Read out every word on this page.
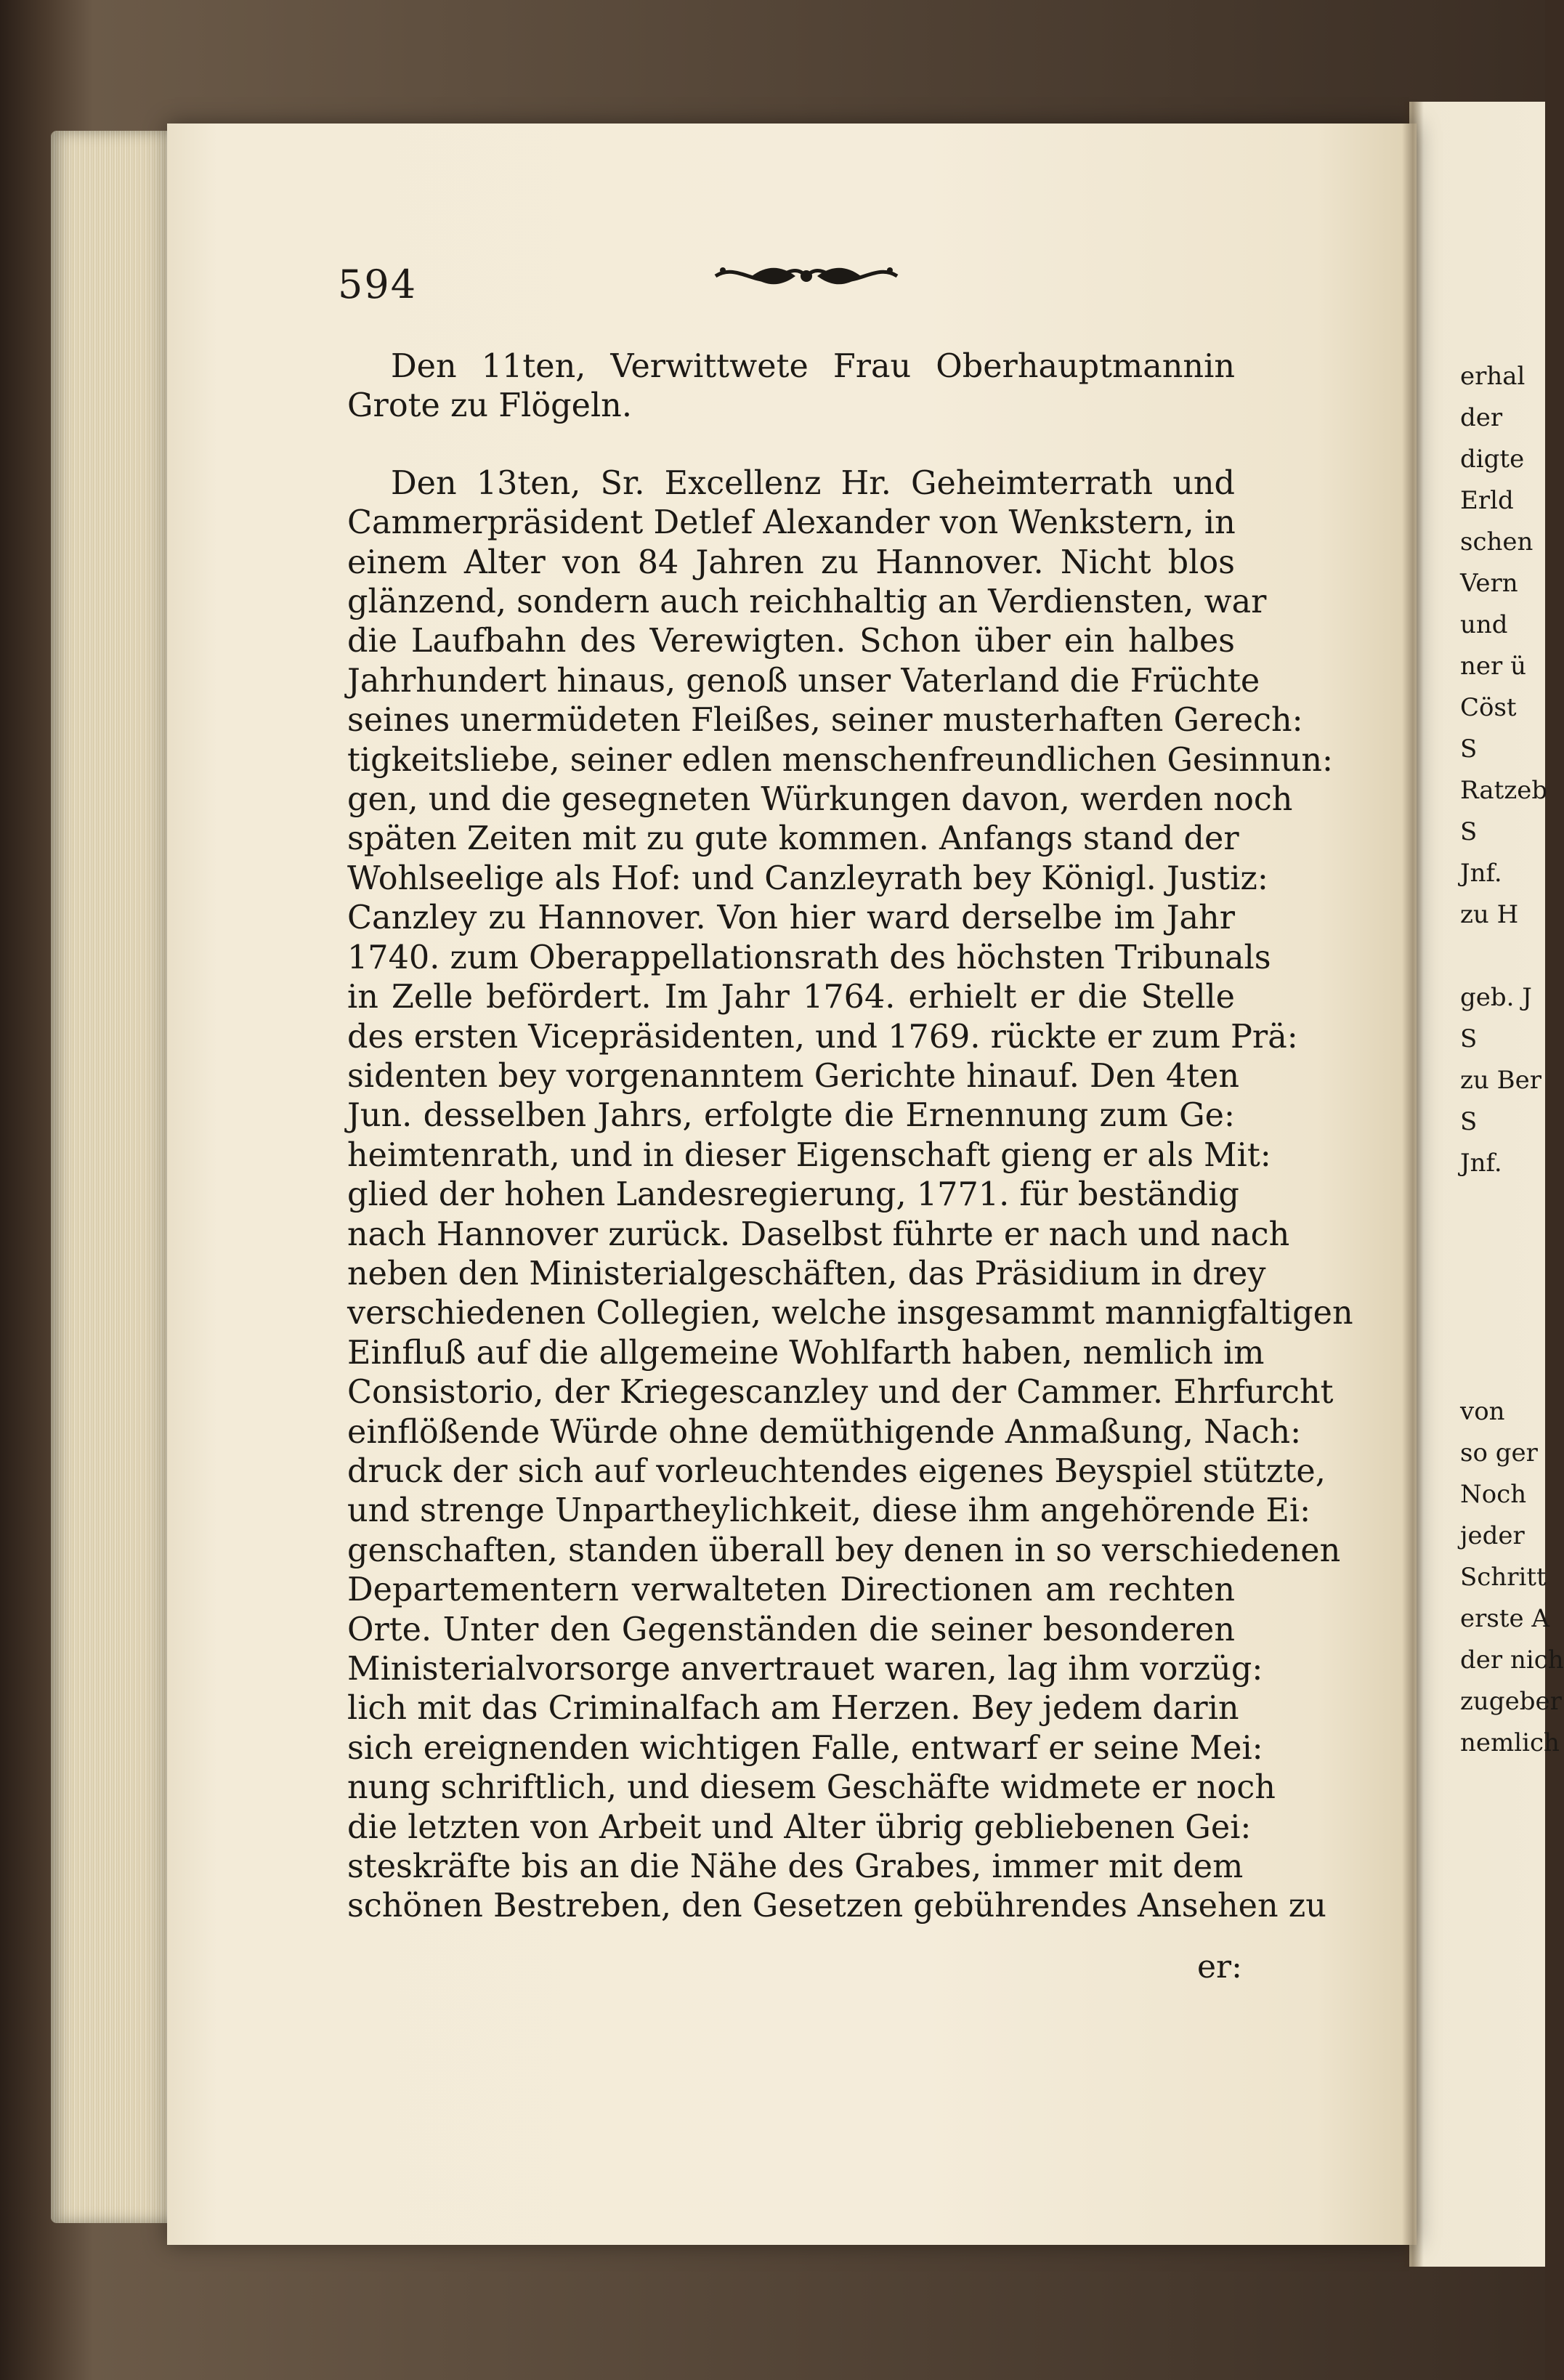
594

Den 11ten, Verwittwete Frau Oberhauptmannin
Grote zu Flögeln.

Den 13ten, Sr. Excellenz Hr. Geheimterrath und
Cammerpräsident Detlef Alexander von Wenkstern, in
einem Alter von 84 Jahren zu Hannover. Nicht blos
glänzend, sondern auch reichhaltig an Verdiensten, war
die Laufbahn des Verewigten. Schon über ein halbes
Jahrhundert hinaus, genoß unser Vaterland die Früchte
seines unermüdeten Fleißes, seiner musterhaften Gerech:
tigkeitsliebe, seiner edlen menschenfreundlichen Gesinnun:
gen, und die gesegneten Würkungen davon, werden noch
späten Zeiten mit zu gute kommen. Anfangs stand der
Wohlseelige als Hof: und Canzleyrath bey Königl. Justiz:
Canzley zu Hannover. Von hier ward derselbe im Jahr
1740. zum Oberappellationsrath des höchsten Tribunals
in Zelle befördert. Im Jahr 1764. erhielt er die Stelle
des ersten Vicepräsidenten, und 1769. rückte er zum Prä:
sidenten bey vorgenanntem Gerichte hinauf. Den 4ten
Jun. desselben Jahrs, erfolgte die Ernennung zum Ge:
heimtenrath, und in dieser Eigenschaft gieng er als Mit:
glied der hohen Landesregierung, 1771. für beständig
nach Hannover zurück. Daselbst führte er nach und nach
neben den Ministerialgeschäften, das Präsidium in drey
verschiedenen Collegien, welche insgesammt mannigfaltigen
Einfluß auf die allgemeine Wohlfarth haben, nemlich im
Consistorio, der Kriegescanzley und der Cammer. Ehrfurcht
einflößende Würde ohne demüthigende Anmaßung, Nach:
druck der sich auf vorleuchtendes eigenes Beyspiel stützte,
und strenge Unpartheylichkeit, diese ihm angehörende Ei:
genschaften, standen überall bey denen in so verschiedenen
Departementern verwalteten Directionen am rechten
Orte. Unter den Gegenständen die seiner besonderen
Ministerialvorsorge anvertrauet waren, lag ihm vorzüg:
lich mit das Criminalfach am Herzen. Bey jedem darin
sich ereignenden wichtigen Falle, entwarf er seine Mei:
nung schriftlich, und diesem Geschäfte widmete er noch
die letzten von Arbeit und Alter übrig gebliebenen Gei:
steskräfte bis an die Nähe des Grabes, immer mit dem
schönen Bestreben, den Gesetzen gebührendes Ansehen zu

er:
erhal
der
digte
Erld
schen
Vern
und
ner ü
Cöst
S
Ratzeb
S
Jnf.
zu H

geb. J
S
zu Ber
S
Jnf.

von
so ger
Noch
jeder
Schritt
erste A
der nich
zugeber
nemlich
